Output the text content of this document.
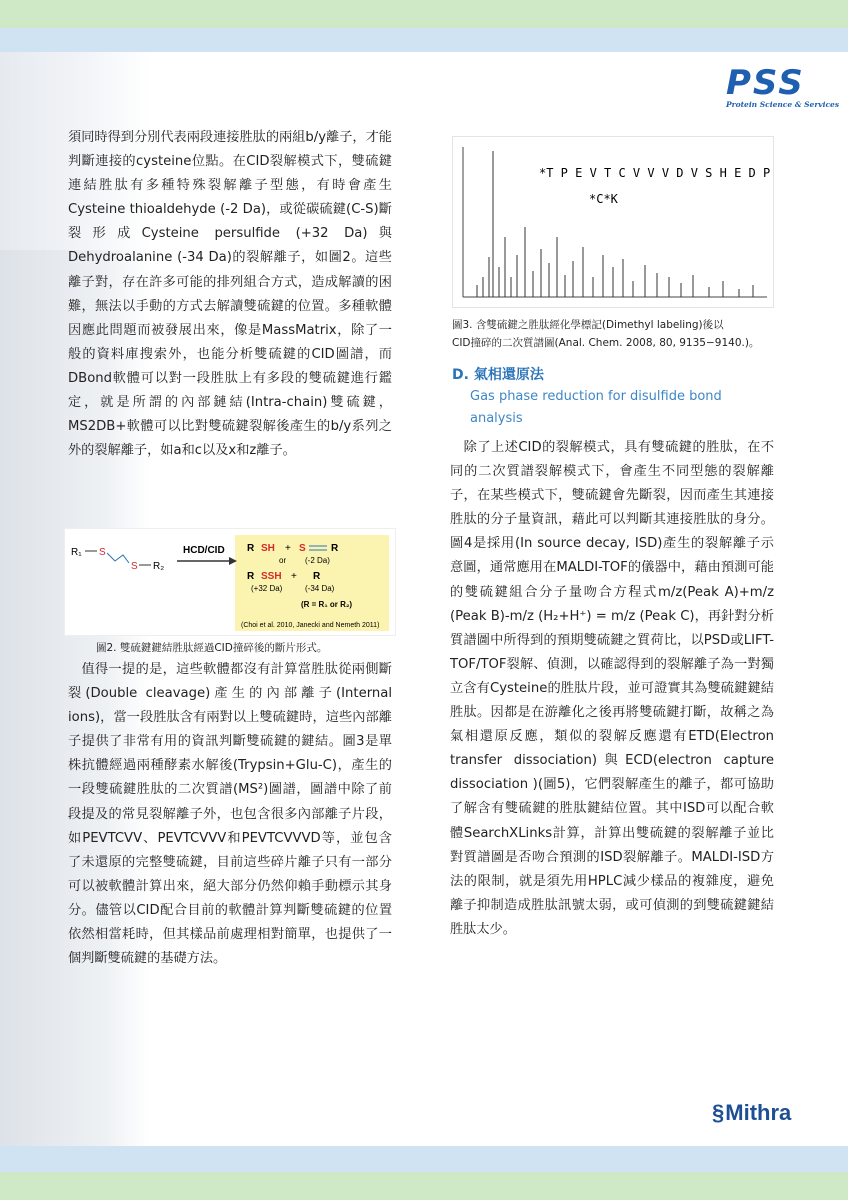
PSS
Protein Science & Services

須同時得到分別代表兩段連接胜肽的兩組b/y離子，才能判斷連接的cysteine位點。在CID裂解模式下，雙硫鍵連結胜肽有多種特殊裂解離子型態，有時會產生Cysteine thioaldehyde (-2 Da)，或從碳硫鍵(C-S)斷裂形成Cysteine persulfide (+32 Da)與Dehydroalanine (-34 Da)的裂解離子，如圖2。這些離子對，存在許多可能的排列組合方式，造成解讀的困難，無法以手動的方式去解讀雙硫鍵的位置。多種軟體因應此問題而被發展出來，像是MassMatrix，除了一般的資料庫搜索外，也能分析雙硫鍵的CID圖譜，而DBond軟體可以對一段胜肽上有多段的雙硫鍵進行鑑定，就是所謂的內部鏈結(Intra-chain)雙硫鍵，MS2DB+軟體可以比對雙硫鍵裂解後產生的b/y系列之外的裂解離子，如a和c以及x和z離子。

R₁ S
S R₂
HCD/CID R SH + S	R
or (-2 Da)
R SSH + R
(+32 Da)	(-34 Da)
(R = R₁ or R₂)
(Choi et al. 2010, Janecki and Nemeth 2011)
圖2. 雙硫鍵鍵結胜肽經過CID撞碎後的斷片形式。

　值得一提的是，這些軟體都沒有計算當胜肽從兩側斷裂(Double cleavage)產生的內部離子(Internal ions)，當一段胜肽含有兩對以上雙硫鍵時，這些內部離子提供了非常有用的資訊判斷雙硫鍵的鍵結。圖3是單株抗體經過兩種酵素水解後(Trypsin+Glu-C)，產生的一段雙硫鍵胜肽的二次質譜(MS²)圖譜，圖譜中除了前段提及的常見裂解離子外，也包含很多內部離子片段，如PEVTCVV、PEVTCVVV和PEVTCVVVD等，並包含了未還原的完整雙硫鍵，目前這些碎片離子只有一部分可以被軟體計算出來，絕大部分仍然仰賴手動標示其身分。儘管以CID配合目前的軟體計算判斷雙硫鍵的位置依然相當耗時，但其樣品前處理相對簡單，也提供了一個判斷雙硫鍵的基礎方法。

*T P E V T C V V V D V S H E D P E
*C*K
圖3. 含雙硫鍵之胜肽經化學標記(Dimethyl labeling)後以
CID撞碎的二次質譜圖(Anal. Chem. 2008, 80, 9135−9140.)。
D. 氣相還原法
Gas phase reduction for disulfide bond analysis

　除了上述CID的裂解模式，具有雙硫鍵的胜肽，在不同的二次質譜裂解模式下，會產生不同型態的裂解離子，在某些模式下，雙硫鍵會先斷裂，因而產生其連接胜肽的分子量資訊，藉此可以判斷其連接胜肽的身分。圖4是採用(In source decay, ISD)產生的裂解離子示意圖，通常應用在MALDI-TOF的儀器中，藉由預測可能的雙硫鍵組合分子量吻合方程式m/z(Peak A)+m/z (Peak B)-m/z (H₂+H⁺) = m/z (Peak C)，再針對分析質譜圖中所得到的預期雙硫鍵之質荷比，以PSD或LIFT-TOF/TOF裂解、偵測，以確認得到的裂解離子為一對獨立含有Cysteine的胜肽片段，並可證實其為雙硫鍵鍵結胜肽。因都是在游離化之後再將雙硫鍵打斷，故稱之為氣相還原反應，類似的裂解反應還有ETD(Electron transfer dissociation)與ECD(electron capture dissociation )(圖5)，它們裂解產生的離子，都可協助了解含有雙硫鍵的胜肽鍵結位置。其中ISD可以配合軟體SearchXLinks計算，計算出雙硫鍵的裂解離子並比對質譜圖是否吻合預測的ISD裂解離子。MALDI-ISD方法的限制，就是須先用HPLC減少樣品的複雜度，避免離子抑制造成胜肽訊號太弱，或可偵測的到雙硫鍵鍵結胜肽太少。

§Mithra
